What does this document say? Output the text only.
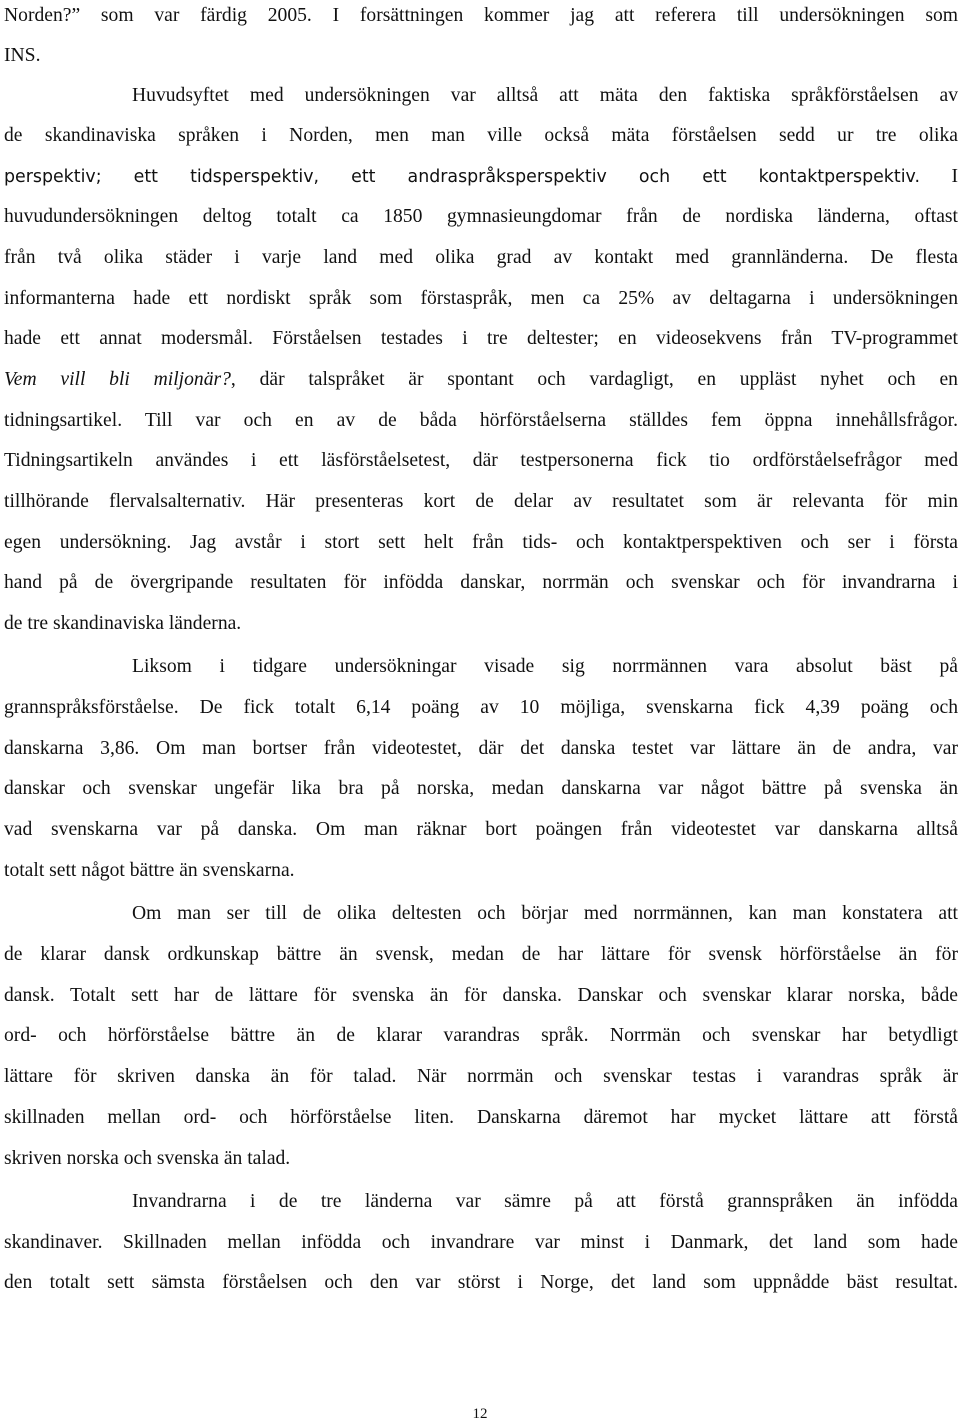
Norden?” som var färdig 2005. I forsättningen kommer jag att referera till undersökningen som
INS.
Huvudsyftet med undersökningen var alltså att mäta den faktiska språkförståelsen av
de skandinaviska språken i Norden, men man ville också mäta förståelsen sedd ur tre olika
perspektiv; ett tidsperspektiv, ett andraspråksperspektiv och ett kontaktperspektiv. I
huvudundersökningen deltog totalt ca 1850 gymnasieungdomar från de nordiska länderna, oftast
från två olika städer i varje land med olika grad av kontakt med grannländerna. De flesta
informanterna hade ett nordiskt språk som förstaspråk, men ca 25% av deltagarna i undersökningen
hade ett annat modersmål. Förståelsen testades i tre deltester; en videosekvens från TV-programmet
Vem vill bli miljonär?, där talspråket är spontant och vardagligt, en uppläst nyhet och en
tidningsartikel. Till var och en av de båda hörförståelserna ställdes fem öppna innehållsfrågor.
Tidningsartikeln användes i ett läsförståelsetest, där testpersonerna fick tio ordförståelsefrågor med
tillhörande flervalsalternativ. Här presenteras kort de delar av resultatet som är relevanta för min
egen undersökning. Jag avstår i stort sett helt från tids- och kontaktperspektiven och ser i första
hand på de övergripande resultaten för infödda danskar, norrmän och svenskar och för invandrarna i
de tre skandinaviska länderna.
Liksom i tidgare undersökningar visade sig norrmännen vara absolut bäst på
grannspråksförståelse. De fick totalt 6,14 poäng av 10 möjliga, svenskarna fick 4,39 poäng och
danskarna 3,86. Om man bortser från videotestet, där det danska testet var lättare än de andra, var
danskar och svenskar ungefär lika bra på norska, medan danskarna var något bättre på svenska än
vad svenskarna var på danska. Om man räknar bort poängen från videotestet var danskarna alltså
totalt sett något bättre än svenskarna.
Om man ser till de olika deltesten och börjar med norrmännen, kan man konstatera att
de klarar dansk ordkunskap bättre än svensk, medan de har lättare för svensk hörförståelse än för
dansk. Totalt sett har de lättare för svenska än för danska. Danskar och svenskar klarar norska, både
ord- och hörförståelse bättre än de klarar varandras språk. Norrmän och svenskar har betydligt
lättare för skriven danska än för talad. När norrmän och svenskar testas i varandras språk är
skillnaden mellan ord- och hörförståelse liten. Danskarna däremot har mycket lättare att förstå
skriven norska och svenska än talad.
Invandrarna i de tre länderna var sämre på att förstå grannspråken än infödda
skandinaver. Skillnaden mellan infödda och invandrare var minst i Danmark, det land som hade
den totalt sett sämsta förståelsen och den var störst i Norge, det land som uppnådde bäst resultat.
12
